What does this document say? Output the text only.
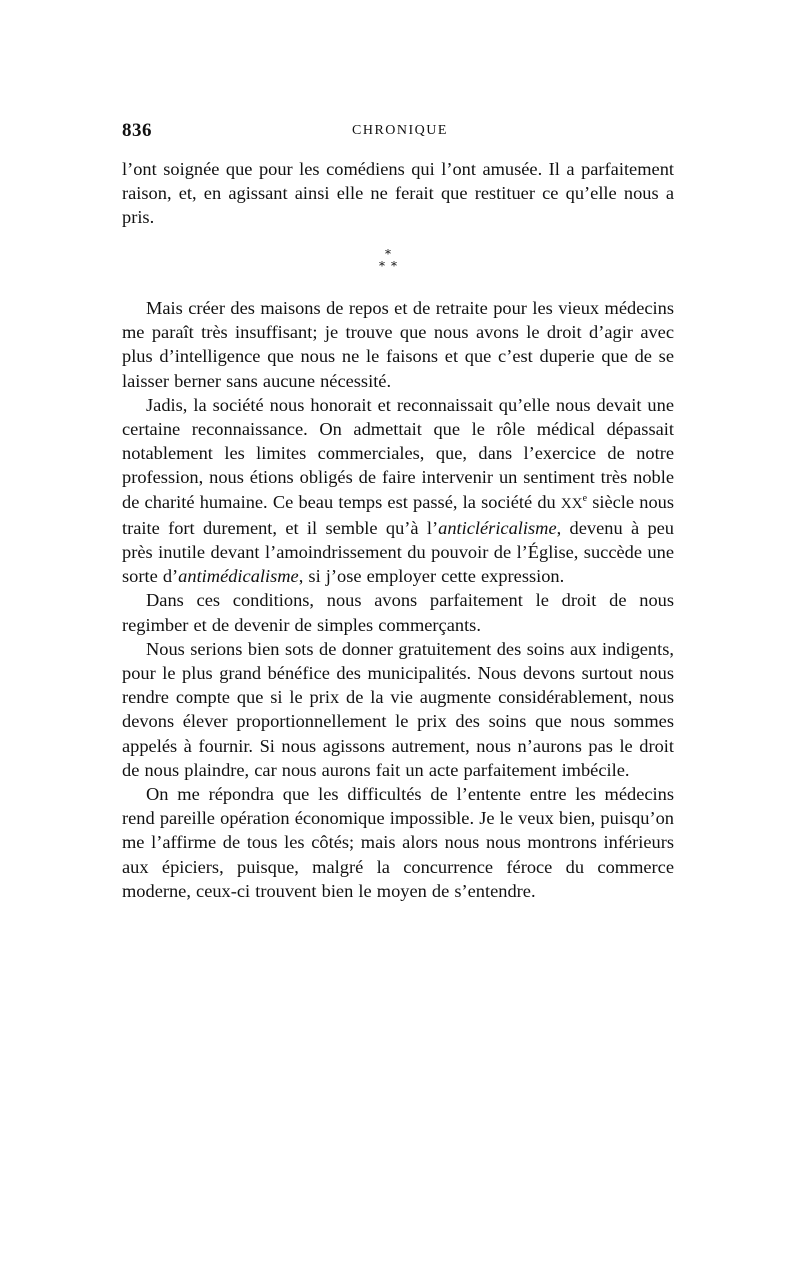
836	CHRONIQUE

l’ont soignée que pour les comédiens qui l’ont amusée. Il a parfaitement raison, et, en agissant ainsi elle ne ferait que restituer ce qu’elle nous a pris.

*
* *

Mais créer des maisons de repos et de retraite pour les vieux médecins me paraît très insuffisant; je trouve que nous avons le droit d’agir avec plus d’intelligence que nous ne le faisons et que c’est duperie que de se laisser berner sans aucune nécessité.

Jadis, la société nous honorait et reconnaissait qu’elle nous devait une certaine reconnaissance. On admettait que le rôle médical dépassait notablement les limites commerciales, que, dans l’exercice de notre profession, nous étions obligés de faire intervenir un sentiment très noble de charité humaine. Ce beau temps est passé, la société du XXe siècle nous traite fort durement, et il semble qu’à l’anticléricalisme, devenu à peu près inutile devant l’amoindrissement du pouvoir de l’Église, succède une sorte d’antimédicalisme, si j’ose employer cette expression.

Dans ces conditions, nous avons parfaitement le droit de nous regimber et de devenir de simples commerçants.

Nous serions bien sots de donner gratuitement des soins aux indigents, pour le plus grand bénéfice des municipalités. Nous devons surtout nous rendre compte que si le prix de la vie augmente considérablement, nous devons élever proportionnellement le prix des soins que nous sommes appelés à fournir. Si nous agissons autrement, nous n’aurons pas le droit de nous plaindre, car nous aurons fait un acte parfaitement imbécile.

On me répondra que les difficultés de l’entente entre les médecins rend pareille opération économique impossible. Je le veux bien, puisqu’on me l’affirme de tous les côtés; mais alors nous nous montrons inférieurs aux épiciers, puisque, malgré la concurrence féroce du commerce moderne, ceux-ci trouvent bien le moyen de s’entendre.
